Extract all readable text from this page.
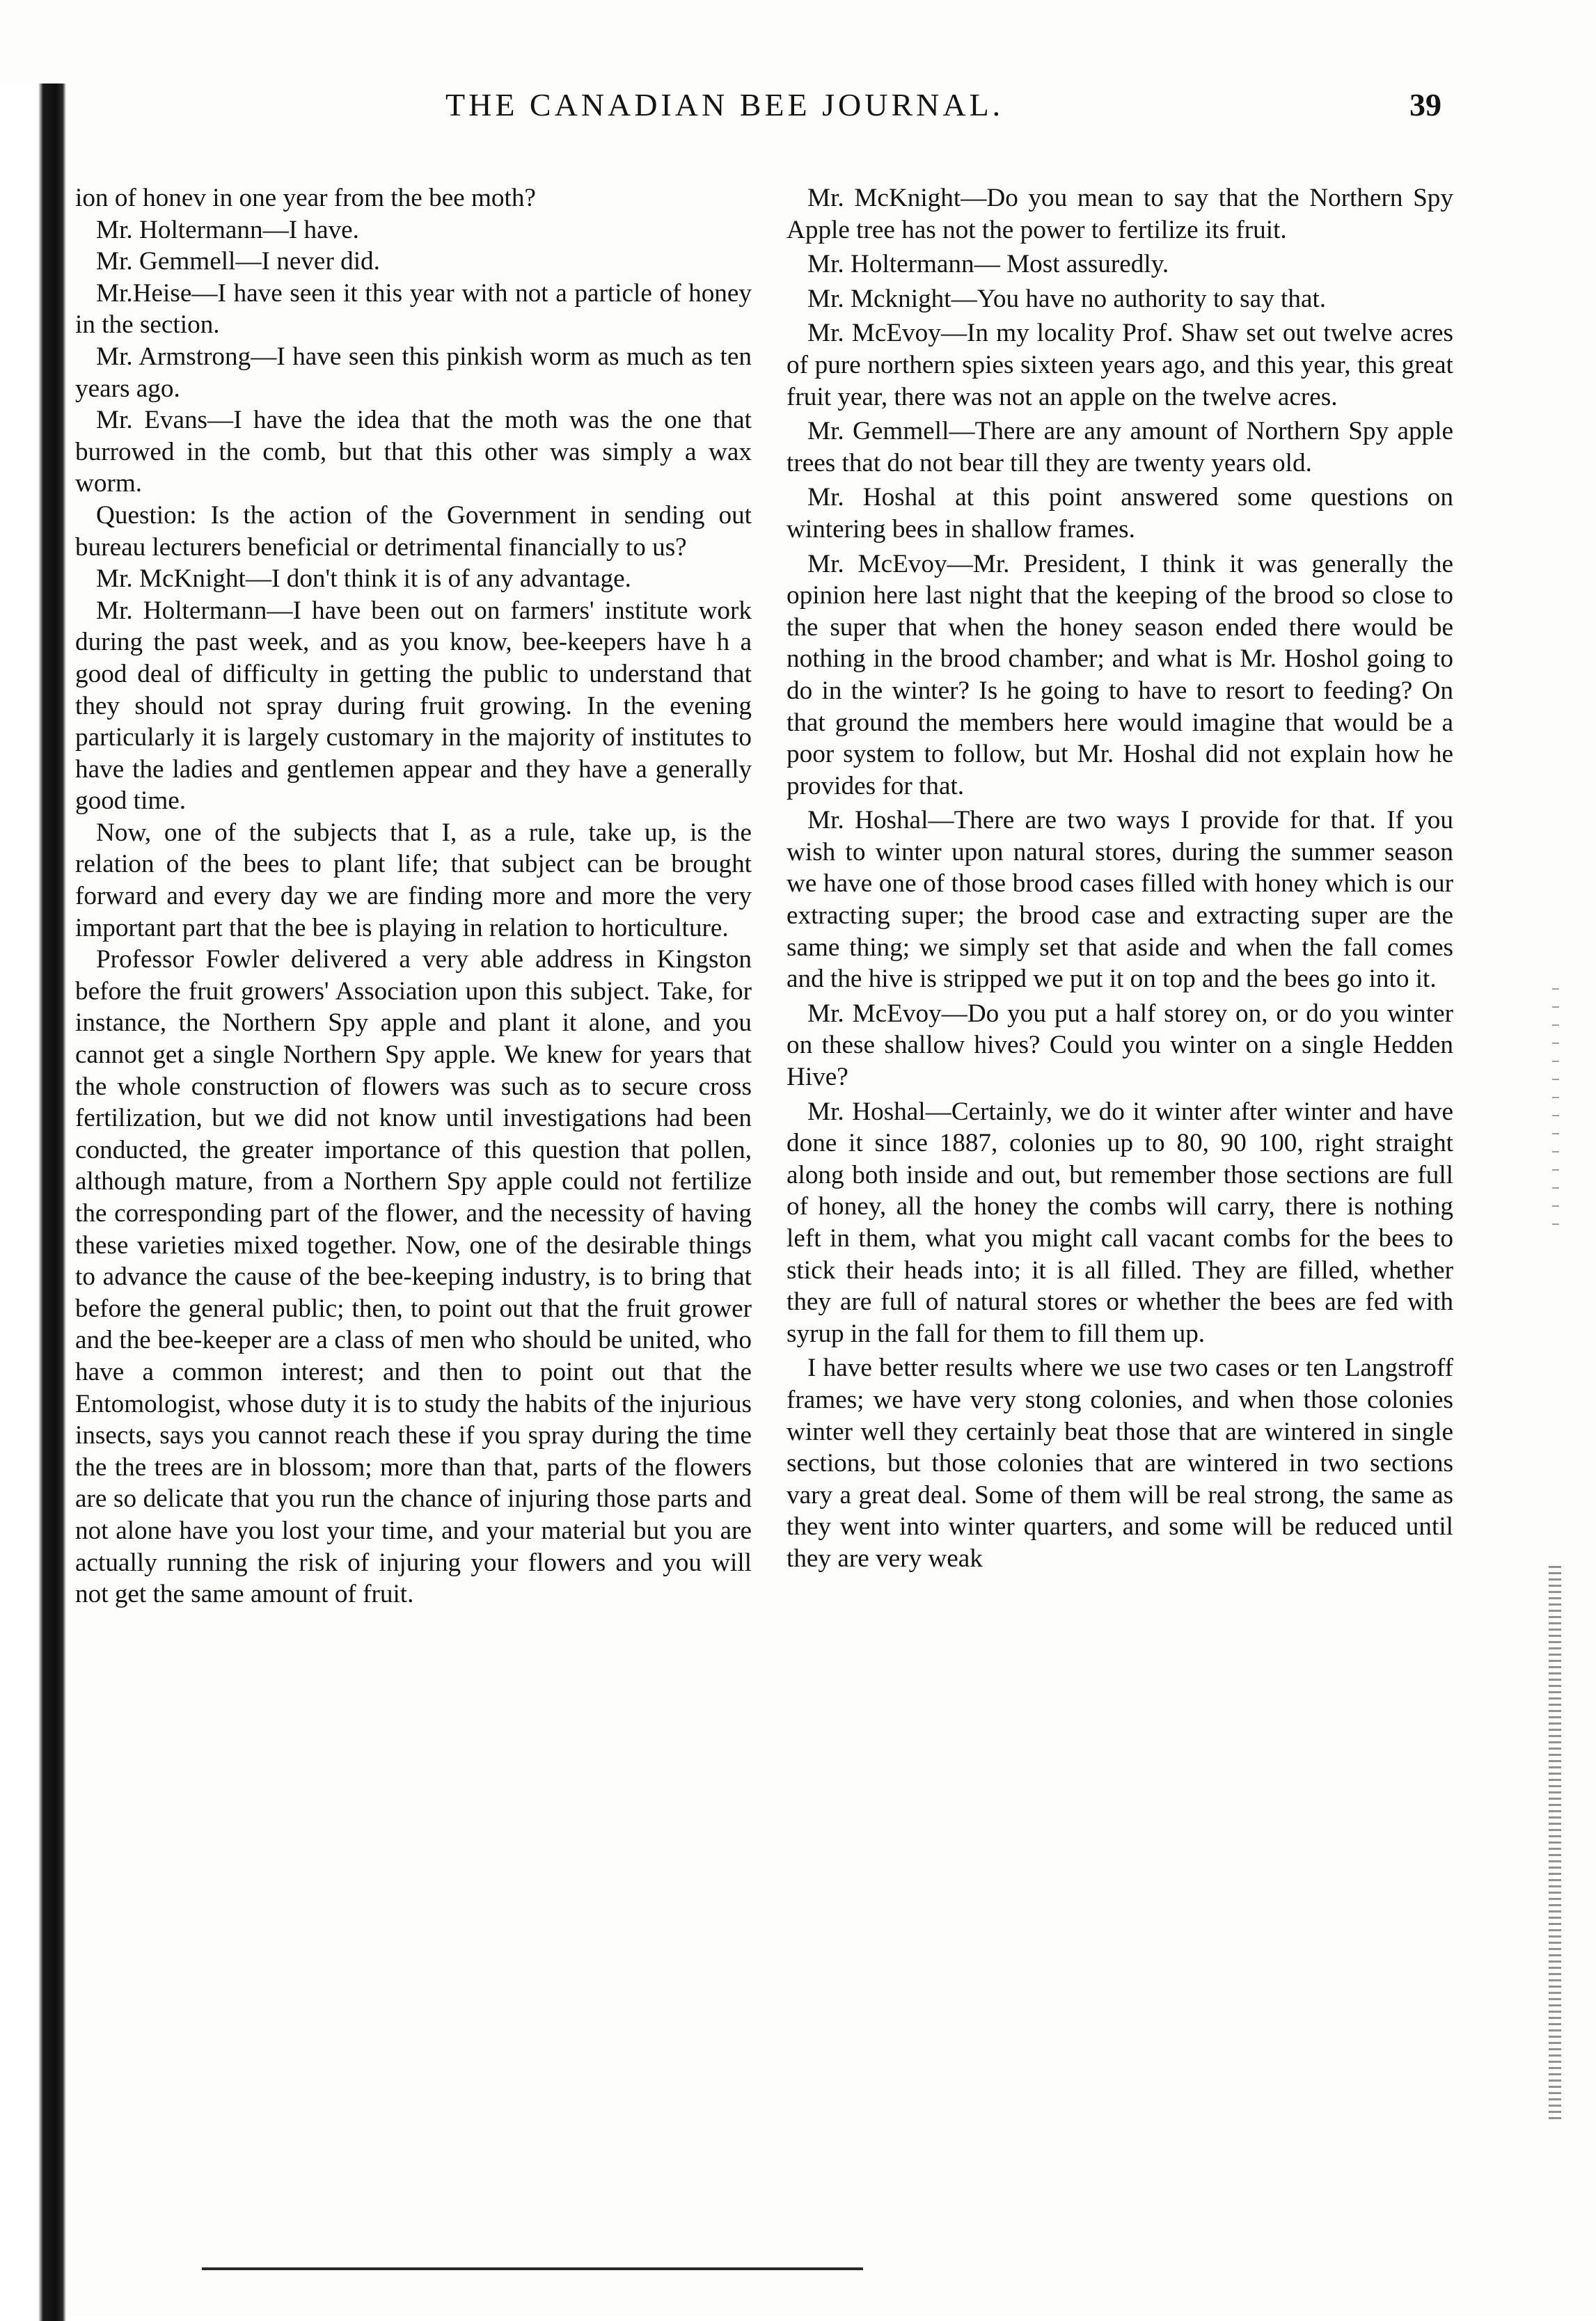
THE CANADIAN BEE JOURNAL.	39

ion of honev in one year from the bee moth?

Mr. Holtermann—I have.

Mr. Gemmell—I never did.

Mr.Heise—I have seen it this year with not a particle of honey in the section.

Mr. Armstrong—I have seen this pinkish worm as much as ten years ago.

Mr. Evans—I have the idea that the moth was the one that burrowed in the comb, but that this other was simply a wax worm.

Question: Is the action of the Government in sending out bureau lecturers beneficial or detrimental financially to us?

Mr. McKnight—I don't think it is of any advantage.

Mr. Holtermann—I have been out on farmers' institute work during the past week, and as you know, bee-keepers have h a good deal of difficulty in getting the public to understand that they should not spray during fruit growing. In the evening particularly it is largely customary in the majority of institutes to have the ladies and gentlemen appear and they have a generally good time.

Now, one of the subjects that I, as a rule, take up, is the relation of the bees to plant life; that subject can be brought forward and every day we are finding more and more the very important part that the bee is playing in relation to horticulture.

Professor Fowler delivered a very able address in Kingston before the fruit growers' Association upon this subject. Take, for instance, the Northern Spy apple and plant it alone, and you cannot get a single Northern Spy apple. We knew for years that the whole construction of flowers was such as to secure cross fertilization, but we did not know until investigations had been conducted, the greater importance of this question that pollen, although mature, from a Northern Spy apple could not fertilize the corresponding part of the flower, and the necessity of having these varieties mixed together. Now, one of the desirable things to advance the cause of the bee-keeping industry, is to bring that before the general public; then, to point out that the fruit grower and the bee-keeper are a class of men who should be united, who have a common interest; and then to point out that the Entomologist, whose duty it is to study the habits of the injurious insects, says you cannot reach these if you spray during the time the the trees are in blossom; more than that, parts of the flowers are so delicate that you run the chance of injuring those parts and not alone have you lost your time, and your material but you are actually running the risk of injuring your flowers and you will not get the same amount of fruit.

Mr. McKnight—Do you mean to say that the Northern Spy Apple tree has not the power to fertilize its fruit.

Mr. Holtermann— Most assuredly.

Mr. Mcknight—You have no authority to say that.

Mr. McEvoy—In my locality Prof. Shaw set out twelve acres of pure northern spies sixteen years ago, and this year, this great fruit year, there was not an apple on the twelve acres.

Mr. Gemmell—There are any amount of Northern Spy apple trees that do not bear till they are twenty years old.

Mr. Hoshal at this point answered some questions on wintering bees in shallow frames.

Mr. McEvoy—Mr. President, I think it was generally the opinion here last night that the keeping of the brood so close to the super that when the honey season ended there would be nothing in the brood chamber; and what is Mr. Hoshol going to do in the winter? Is he going to have to resort to feeding? On that ground the members here would imagine that would be a poor system to follow, but Mr. Hoshal did not explain how he provides for that.

Mr. Hoshal—There are two ways I provide for that. If you wish to winter upon natural stores, during the summer season we have one of those brood cases filled with honey which is our extracting super; the brood case and extracting super are the same thing; we simply set that aside and when the fall comes and the hive is stripped we put it on top and the bees go into it.

Mr. McEvoy—Do you put a half storey on, or do you winter on these shallow hives? Could you winter on a single Hedden Hive?

Mr. Hoshal—Certainly, we do it winter after winter and have done it since 1887, colonies up to 80, 90 100, right straight along both inside and out, but remember those sections are full of honey, all the honey the combs will carry, there is nothing left in them, what you might call vacant combs for the bees to stick their heads into; it is all filled. They are filled, whether they are full of natural stores or whether the bees are fed with syrup in the fall for them to fill them up.

I have better results where we use two cases or ten Langstroff frames; we have very stong colonies, and when those colonies winter well they certainly beat those that are wintered in single sections, but those colonies that are wintered in two sections vary a great deal. Some of them will be real strong, the same as they went into winter quarters, and some will be reduced until they are very weak
